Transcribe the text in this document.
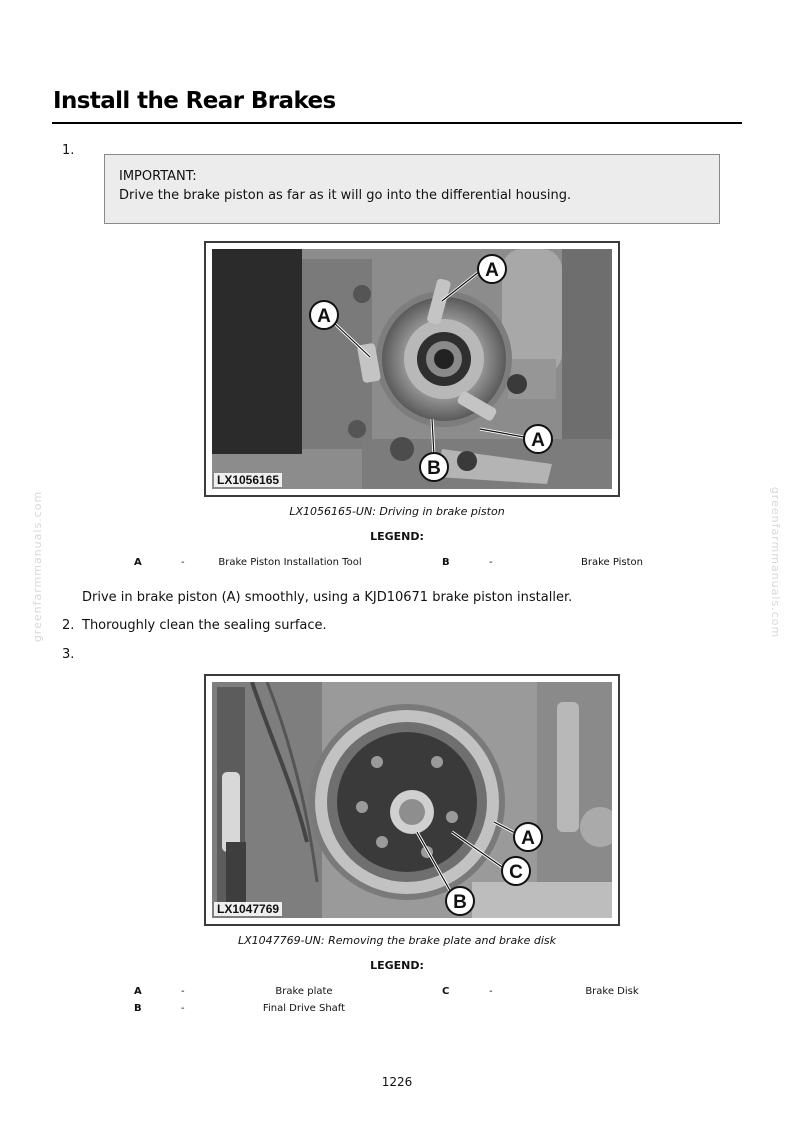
Install the Rear Brakes
greenfarmmanuals.com	greenfarmmanuals.com
1.
IMPORTANT:
Drive the brake piston as far as it will go into the differential housing.
A
A
A
B
LX1056165
LX1056165-UN: Driving in brake piston
LEGEND:
A	-	Brake Piston Installation Tool	B	-	Brake Piston
Drive in brake piston (A) smoothly, using a KJD10671 brake piston installer.
2. Thoroughly clean the sealing surface.
3.
A
C
B
LX1047769
LX1047769-UN: Removing the brake plate and brake disk
LEGEND:
A	-	Brake plate	C	-	Brake Disk
B	-	Final Drive Shaft
1226
